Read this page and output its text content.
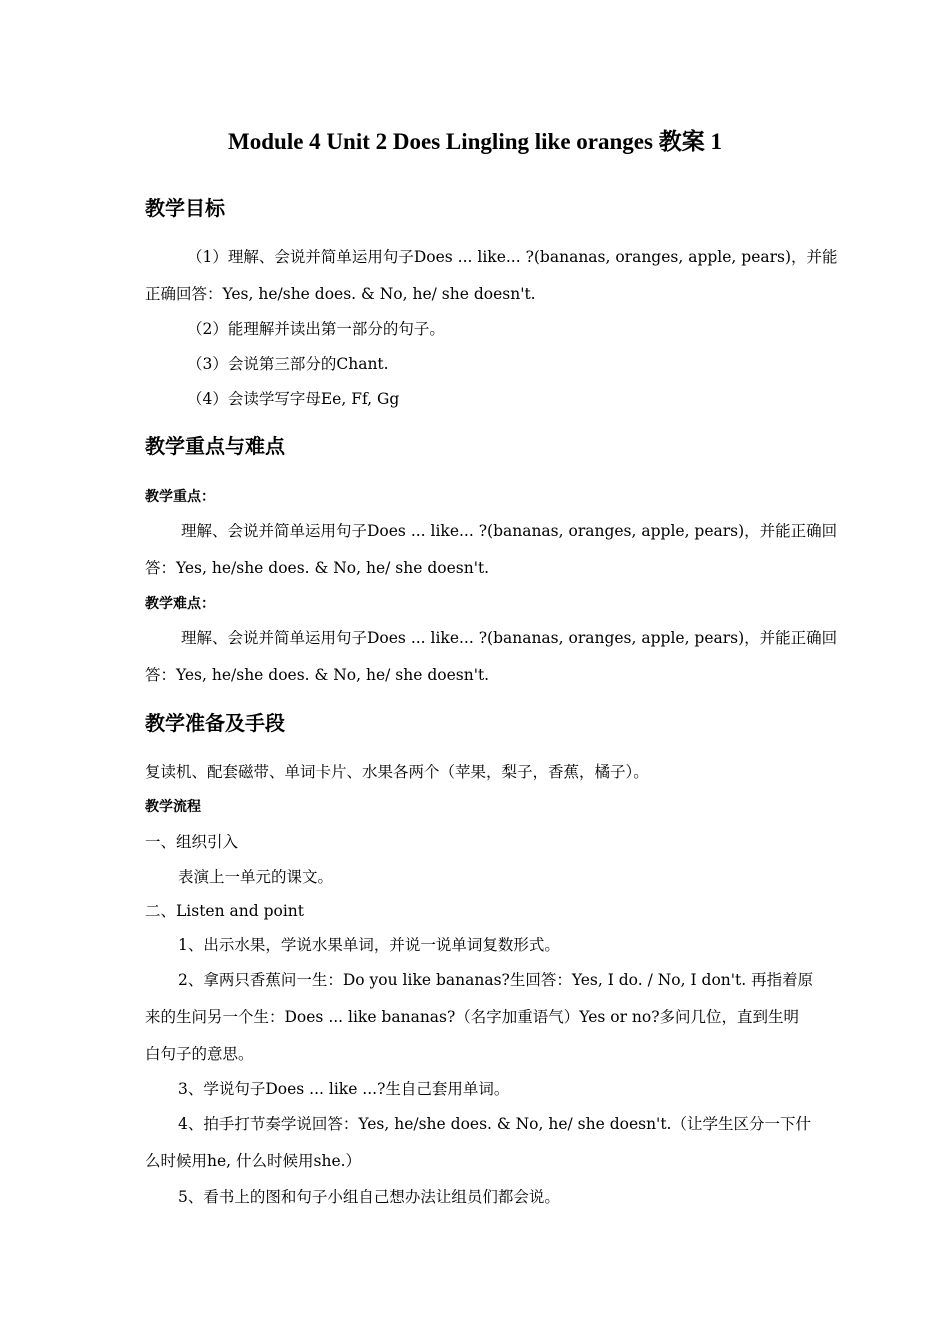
Module 4 Unit 2 Does Lingling like oranges 教案 1
教学目标
（1）理解、会说并简单运用句子Does ... like... ?(bananas, oranges, apple, pears)，并能
正确回答：Yes, he/she does. & No, he/ she doesn't.
（2）能理解并读出第一部分的句子。
（3）会说第三部分的Chant.
（4）会读学写字母Ee, Ff, Gg
教学重点与难点
教学重点：
理解、会说并简单运用句子Does ... like... ?(bananas, oranges, apple, pears)，并能正确回
答：Yes, he/she does. & No, he/ she doesn't.
教学难点：
理解、会说并简单运用句子Does ... like... ?(bananas, oranges, apple, pears)，并能正确回
答：Yes, he/she does. & No, he/ she doesn't.
教学准备及手段
复读机、配套磁带、单词卡片、水果各两个（苹果，梨子，香蕉，橘子）。
教学流程
一、组织引入
表演上一单元的课文。
二、Listen and point
1、出示水果，学说水果单词，并说一说单词复数形式。
2、拿两只香蕉问一生：Do you like bananas?生回答：Yes, I do. / No, I don't. 再指着原
来的生问另一个生：Does ... like bananas?（名字加重语气）Yes or no?多问几位，直到生明
白句子的意思。
3、学说句子Does ... like ...?生自己套用单词。
4、拍手打节奏学说回答：Yes, he/she does. & No, he/ she doesn't.（让学生区分一下什
么时候用he, 什么时候用she.）
5、看书上的图和句子小组自己想办法让组员们都会说。
